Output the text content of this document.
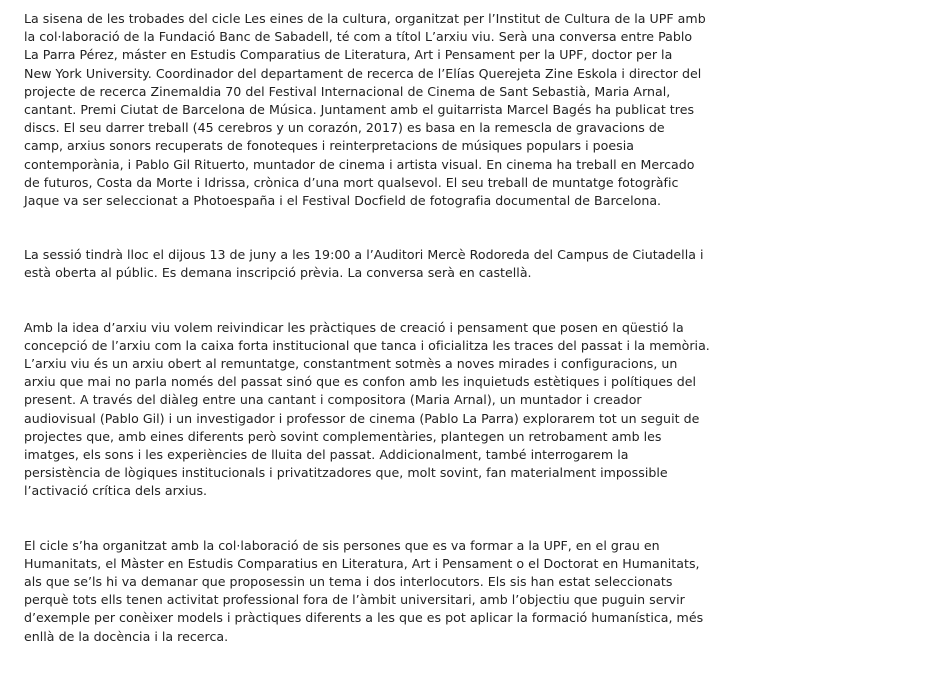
La sisena de les trobades del cicle Les eines de la cultura, organitzat per l’Institut de Cultura de la UPF amb
la col·laboració de la Fundació Banc de Sabadell, té com a títol L’arxiu viu. Serà una conversa entre Pablo
La Parra Pérez, máster en Estudis Comparatius de Literatura, Art i Pensament per la UPF, doctor per la
New York University. Coordinador del departament de recerca de l’Elías Querejeta Zine Eskola i director del
projecte de recerca Zinemaldia 70 del Festival Internacional de Cinema de Sant Sebastià, Maria Arnal,
cantant. Premi Ciutat de Barcelona de Música. Juntament amb el guitarrista Marcel Bagés ha publicat tres
discs. El seu darrer treball (45 cerebros y un corazón, 2017) es basa en la remescla de gravacions de
camp, arxius sonors recuperats de fonoteques i reinterpretacions de músiques populars i poesia
contemporània, i Pablo Gil Rituerto, muntador de cinema i artista visual. En cinema ha treball en Mercado
de futuros, Costa da Morte i Idrissa, crònica d’una mort qualsevol. El seu treball de muntatge fotogràfic
Jaque va ser seleccionat a Photoespaña i el Festival Docfield de fotografia documental de Barcelona.

La sessió tindrà lloc el dijous 13 de juny a les 19:00 a l’Auditori Mercè Rodoreda del Campus de Ciutadella i
està oberta al públic. Es demana inscripció prèvia. La conversa serà en castellà.

Amb la idea d’arxiu viu volem reivindicar les pràctiques de creació i pensament que posen en qüestió la
concepció de l’arxiu com la caixa forta institucional que tanca i oficialitza les traces del passat i la memòria.
L’arxiu viu és un arxiu obert al remuntatge, constantment sotmès a noves mirades i configuracions, un
arxiu que mai no parla només del passat sinó que es confon amb les inquietuds estètiques i polítiques del
present. A través del diàleg entre una cantant i compositora (Maria Arnal), un muntador i creador
audiovisual (Pablo Gil) i un investigador i professor de cinema (Pablo La Parra) explorarem tot un seguit de
projectes que, amb eines diferents però sovint complementàries, plantegen un retrobament amb les
imatges, els sons i les experiències de lluita del passat. Addicionalment, també interrogarem la
persistència de lògiques institucionals i privatitzadores que, molt sovint, fan materialment impossible
l’activació crítica dels arxius.

El cicle s’ha organitzat amb la col·laboració de sis persones que es va formar a la UPF, en el grau en
Humanitats, el Màster en Estudis Comparatius en Literatura, Art i Pensament o el Doctorat en Humanitats,
als que se’ls hi va demanar que proposessin un tema i dos interlocutors. Els sis han estat seleccionats
perquè tots ells tenen activitat professional fora de l’àmbit universitari, amb l’objectiu que puguin servir
d’exemple per conèixer models i pràctiques diferents a les que es pot aplicar la formació humanística, més
enllà de la docència i la recerca.
